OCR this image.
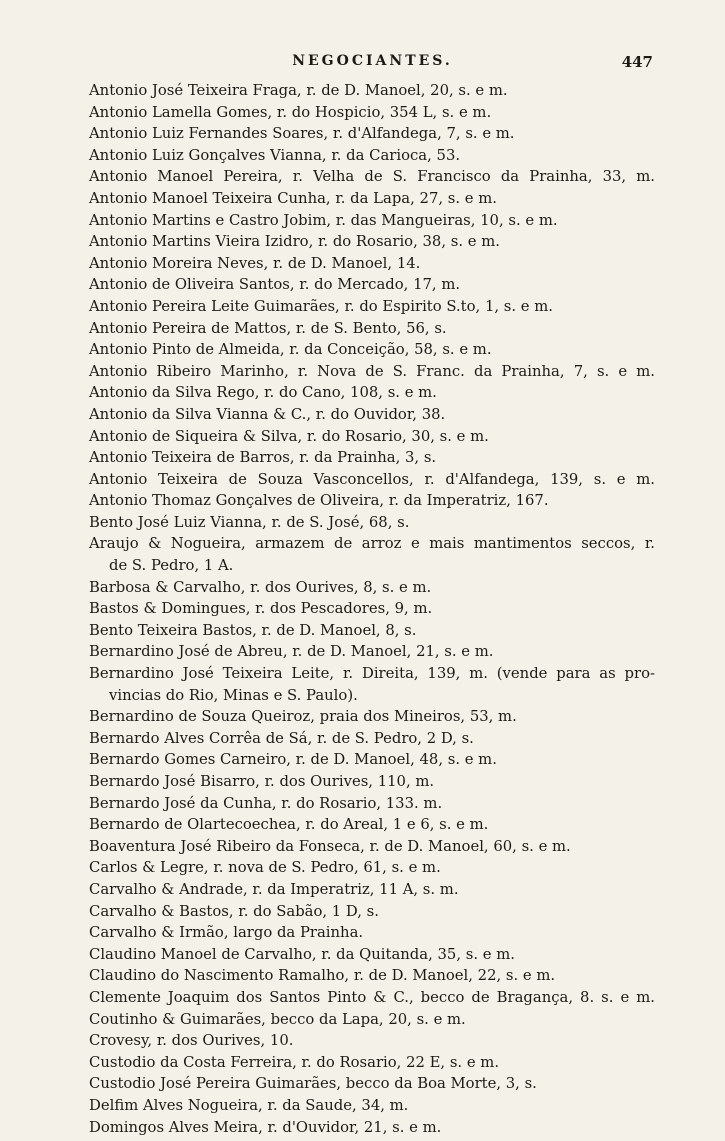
NEGOCIANTES.	447
Antonio José Teixeira Fraga, r. de D. Manoel, 20, s. e m.
Antonio Lamella Gomes, r. do Hospicio, 354 L, s. e m.
Antonio Luiz Fernandes Soares, r. d'Alfandega, 7, s. e m.
Antonio Luiz Gonçalves Vianna, r. da Carioca, 53.
Antonio Manoel Pereira, r. Velha de S. Francisco da Prainha, 33, m.
Antonio Manoel Teixeira Cunha, r. da Lapa, 27, s. e m.
Antonio Martins e Castro Jobim, r. das Mangueiras, 10, s. e m.
Antonio Martins Vieira Izidro, r. do Rosario, 38, s. e m.
Antonio Moreira Neves, r. de D. Manoel, 14.
Antonio de Oliveira Santos, r. do Mercado, 17, m.
Antonio Pereira Leite Guimarães, r. do Espirito S.to, 1, s. e m.
Antonio Pereira de Mattos, r. de S. Bento, 56, s.
Antonio Pinto de Almeida, r. da Conceição, 58, s. e m.
Antonio Ribeiro Marinho, r. Nova de S. Franc. da Prainha, 7, s. e m.
Antonio da Silva Rego, r. do Cano, 108, s. e m.
Antonio da Silva Vianna & C., r. do Ouvidor, 38.
Antonio de Siqueira & Silva, r. do Rosario, 30, s. e m.
Antonio Teixeira de Barros, r. da Prainha, 3, s.
Antonio Teixeira de Souza Vasconcellos, r. d'Alfandega, 139, s. e m.
Antonio Thomaz Gonçalves de Oliveira, r. da Imperatriz, 167.
Bento José Luiz Vianna, r. de S. José, 68, s.
Araujo & Nogueira, armazem de arroz e mais mantimentos seccos, r.
de S. Pedro, 1 A.
Barbosa & Carvalho, r. dos Ourives, 8, s. e m.
Bastos & Domingues, r. dos Pescadores, 9, m.
Bento Teixeira Bastos, r. de D. Manoel, 8, s.
Bernardino José de Abreu, r. de D. Manoel, 21, s. e m.
Bernardino José Teixeira Leite, r. Direita, 139, m. (vende para as pro-
vincias do Rio, Minas e S. Paulo).
Bernardino de Souza Queiroz, praia dos Mineiros, 53, m.
Bernardo Alves Corrêa de Sá, r. de S. Pedro, 2 D, s.
Bernardo Gomes Carneiro, r. de D. Manoel, 48, s. e m.
Bernardo José Bisarro, r. dos Ourives, 110, m.
Bernardo José da Cunha, r. do Rosario, 133. m.
Bernardo de Olartecoechea, r. do Areal, 1 e 6, s. e m.
Boaventura José Ribeiro da Fonseca, r. de D. Manoel, 60, s. e m.
Carlos & Legre, r. nova de S. Pedro, 61, s. e m.
Carvalho & Andrade, r. da Imperatriz, 11 A, s. m.
Carvalho & Bastos, r. do Sabão, 1 D, s.
Carvalho & Irmão, largo da Prainha.
Claudino Manoel de Carvalho, r. da Quitanda, 35, s. e m.
Claudino do Nascimento Ramalho, r. de D. Manoel, 22, s. e m.
Clemente Joaquim dos Santos Pinto & C., becco de Bragança, 8. s. e m.
Coutinho & Guimarães, becco da Lapa, 20, s. e m.
Crovesy, r. dos Ourives, 10.
Custodio da Costa Ferreira, r. do Rosario, 22 E, s. e m.
Custodio José Pereira Guimarães, becco da Boa Morte, 3, s.
Delfim Alves Nogueira, r. da Saude, 34, m.
Domingos Alves Meira, r. d'Ouvidor, 21, s. e m.
